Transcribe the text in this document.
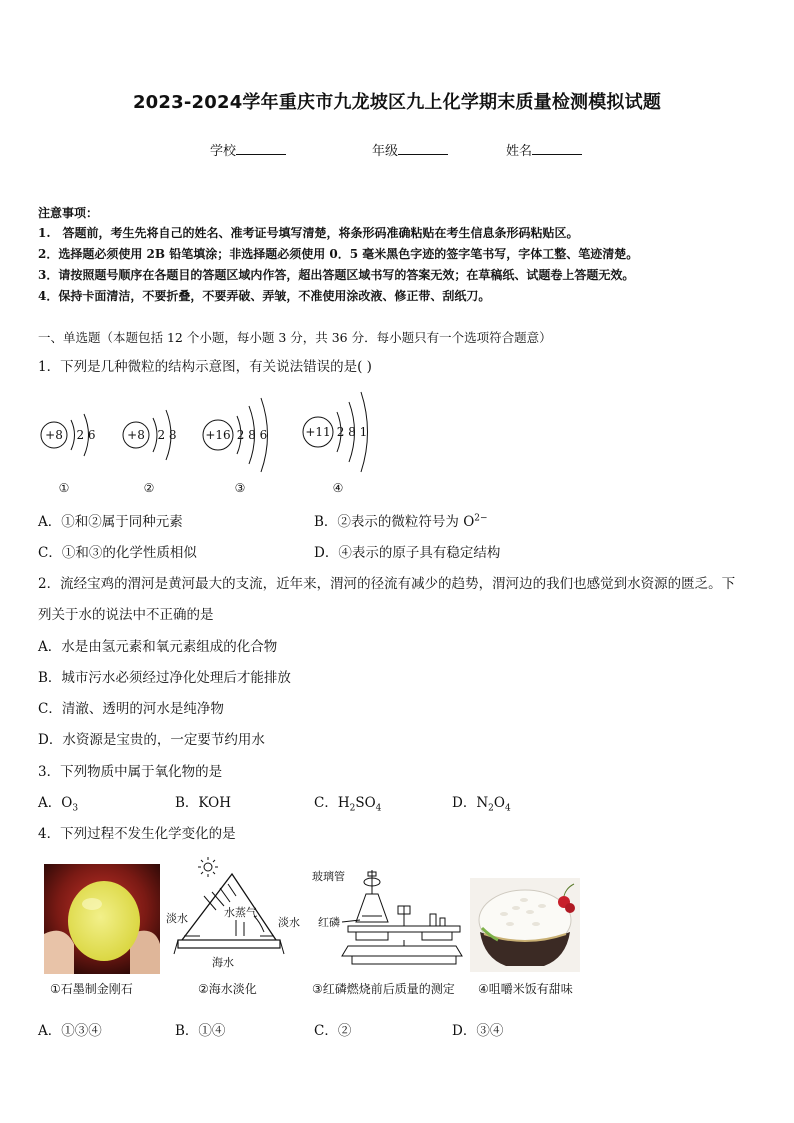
2023-2024学年重庆市九龙坡区九上化学期末质量检测模拟试题
学校	年级	姓名
注意事项：
1.　答题前，考生先将自己的姓名、准考证号填写清楚，将条形码准确粘贴在考生信息条形码粘贴区。
2．选择题必须使用 2B 铅笔填涂；非选择题必须使用 0．5 毫米黑色字迹的签字笔书写，字体工整、笔迹清楚。
3．请按照题号顺序在各题目的答题区域内作答，超出答题区域书写的答案无效；在草稿纸、试题卷上答题无效。
4．保持卡面清洁，不要折叠，不要弄破、弄皱，不准使用涂改液、修正带、刮纸刀。
一、单选题（本题包括 12 个小题，每小题 3 分，共 36 分．每小题只有一个选项符合题意）
1．下列是几种微粒的结构示意图，有关说法错误的是( )
+8 2 6
①
+8 2 8
②
+16 2 8 6
③
+11 2 8 1
④
A．①和②属于同种元素	B．②表示的微粒符号为 $O^{2-}$
C．①和③的化学性质相似	D．④表示的原子具有稳定结构
2．流经宝鸡的渭河是黄河最大的支流，近年来，渭河的径流有减少的趋势，渭河边的我们也感觉到水资源的匮乏。下
列关于水的说法中不正确的是
A．水是由氢元素和氧元素组成的化合物
B．城市污水必须经过净化处理后才能排放
C．清澈、透明的河水是纯净物
D．水资源是宝贵的，一定要节约用水
3．下列物质中属于氧化物的是
A．$O_3$	B．KOH	C．$H_2SO_4$	D．$N_2O_4$
4．下列过程不发生化学变化的是
①石墨制金刚石
淡水	水蒸气
淡水
海水
②海水淡化
玻璃管
红磷
③红磷燃烧前后质量的测定 ④咀嚼米饭有甜味
A．①③④	B．①④	C．②	D．③④
